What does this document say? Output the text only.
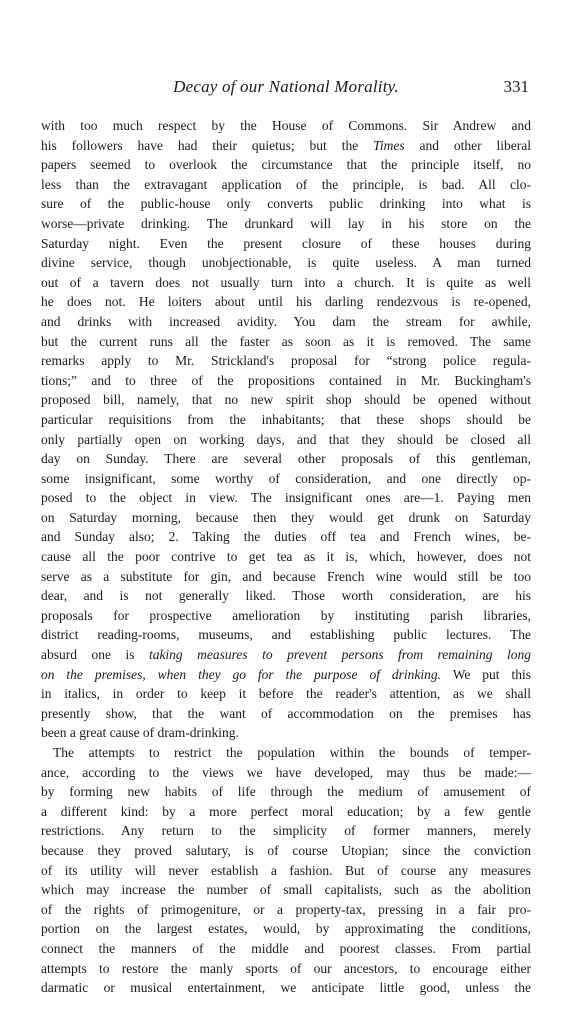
Decay of our National Morality.	331
with too much respect by the House of Commons. Sir Andrew and
his followers have had their quietus; but the Times and other liberal
papers seemed to overlook the circumstance that the principle itself, no
less than the extravagant application of the principle, is bad. All clo-
sure of the public-house only converts public drinking into what is
worse—private drinking. The drunkard will lay in his store on the
Saturday night. Even the present closure of these houses during
divine service, though unobjectionable, is quite useless. A man turned
out of a tavern does not usually turn into a church. It is quite as well
he does not. He loiters about until his darling rendezvous is re-opened,
and drinks with increased avidity. You dam the stream for awhile,
but the current runs all the faster as soon as it is removed. The same
remarks apply to Mr. Strickland's proposal for “strong police regula-
tions;” and to three of the propositions contained in Mr. Buckingham's
proposed bill, namely, that no new spirit shop should be opened without
particular requisitions from the inhabitants; that these shops should be
only partially open on working days, and that they should be closed all
day on Sunday. There are several other proposals of this gentleman,
some insignificant, some worthy of consideration, and one directly op-
posed to the object in view. The insignificant ones are—1. Paying men
on Saturday morning, because then they would get drunk on Saturday
and Sunday also; 2. Taking the duties off tea and French wines, be-
cause all the poor contrive to get tea as it is, which, however, does not
serve as a substitute for gin, and because French wine would still be too
dear, and is not generally liked. Those worth consideration, are his
proposals for prospective amelioration by instituting parish libraries,
district reading-rooms, museums, and establishing public lectures. The
absurd one is taking measures to prevent persons from remaining long
on the premises, when they go for the purpose of drinking. We put this
in italics, in order to keep it before the reader's attention, as we shall
presently show, that the want of accommodation on the premises has
been a great cause of dram-drinking.
The attempts to restrict the population within the bounds of temper-
ance, according to the views we have developed, may thus be made:—
by forming new habits of life through the medium of amusement of
a different kind: by a more perfect moral education; by a few gentle
restrictions. Any return to the simplicity of former manners, merely
because they proved salutary, is of course Utopian; since the conviction
of its utility will never establish a fashion. But of course any measures
which may increase the number of small capitalists, such as the abolition
of the rights of primogeniture, or a property-tax, pressing in a fair pro-
portion on the largest estates, would, by approximating the conditions,
connect the manners of the middle and poorest classes. From partial
attempts to restore the manly sports of our ancestors, to encourage either
darmatic or musical entertainment, we anticipate little good, unless the
